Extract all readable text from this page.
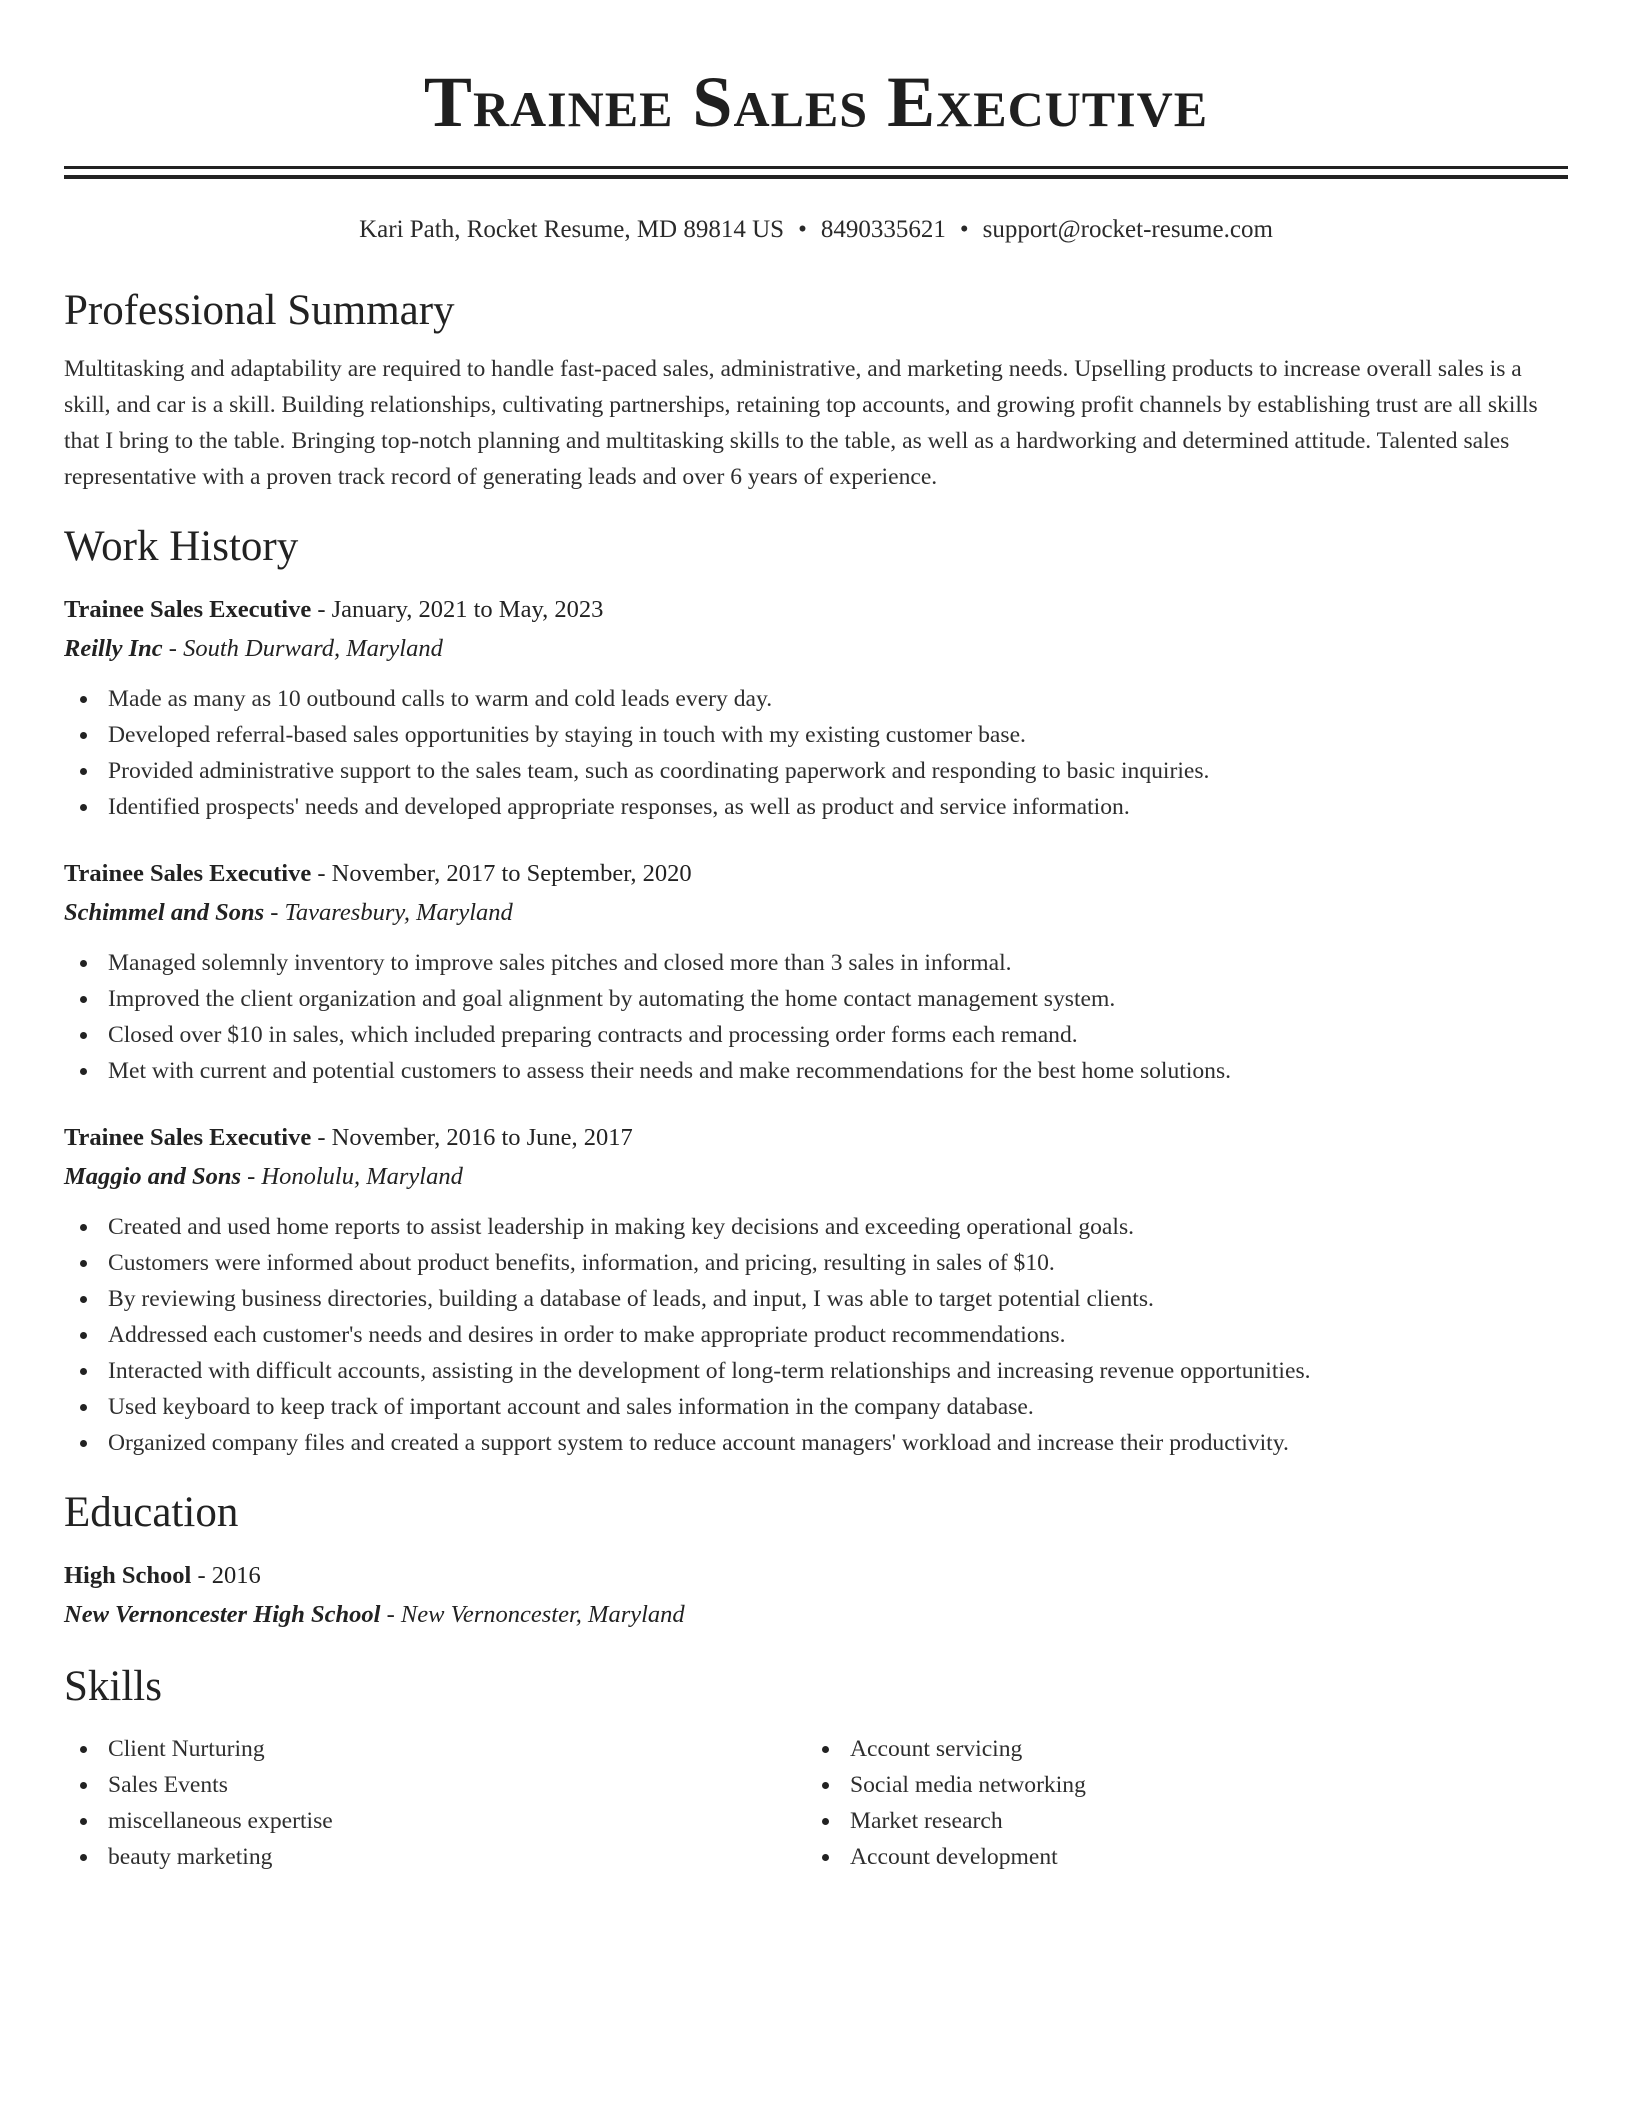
Trainee Sales Executive
Kari Path, Rocket Resume, MD 89814 US • 8490335621 • support@rocket-resume.com
Professional Summary

Multitasking and adaptability are required to handle fast-paced sales, administrative, and marketing needs. Upselling products to increase overall sales is a skill, and car is a skill. Building relationships, cultivating partnerships, retaining top accounts, and growing profit channels by establishing trust are all skills that I bring to the table. Bringing top-notch planning and multitasking skills to the table, as well as a hardworking and determined attitude. Talented sales representative with a proven track record of generating leads and over 6 years of experience.

Work History
Trainee Sales Executive - January, 2021 to May, 2023
Reilly Inc - South Durward, Maryland
Made as many as 10 outbound calls to warm and cold leads every day.
Developed referral-based sales opportunities by staying in touch with my existing customer base.
Provided administrative support to the sales team, such as coordinating paperwork and responding to basic inquiries.
Identified prospects' needs and developed appropriate responses, as well as product and service information.
Trainee Sales Executive - November, 2017 to September, 2020
Schimmel and Sons - Tavaresbury, Maryland
Managed solemnly inventory to improve sales pitches and closed more than 3 sales in informal.
Improved the client organization and goal alignment by automating the home contact management system.
Closed over $10 in sales, which included preparing contracts and processing order forms each remand.
Met with current and potential customers to assess their needs and make recommendations for the best home solutions.
Trainee Sales Executive - November, 2016 to June, 2017
Maggio and Sons - Honolulu, Maryland
Created and used home reports to assist leadership in making key decisions and exceeding operational goals.
Customers were informed about product benefits, information, and pricing, resulting in sales of $10.
By reviewing business directories, building a database of leads, and input, I was able to target potential clients.
Addressed each customer's needs and desires in order to make appropriate product recommendations.
Interacted with difficult accounts, assisting in the development of long-term relationships and increasing revenue opportunities.
Used keyboard to keep track of important account and sales information in the company database.
Organized company files and created a support system to reduce account managers' workload and increase their productivity.
Education
High School - 2016
New Vernoncester High School - New Vernoncester, Maryland
Skills
Client Nurturing
Sales Events
miscellaneous expertise
beauty marketing
Account servicing
Social media networking
Market research
Account development
